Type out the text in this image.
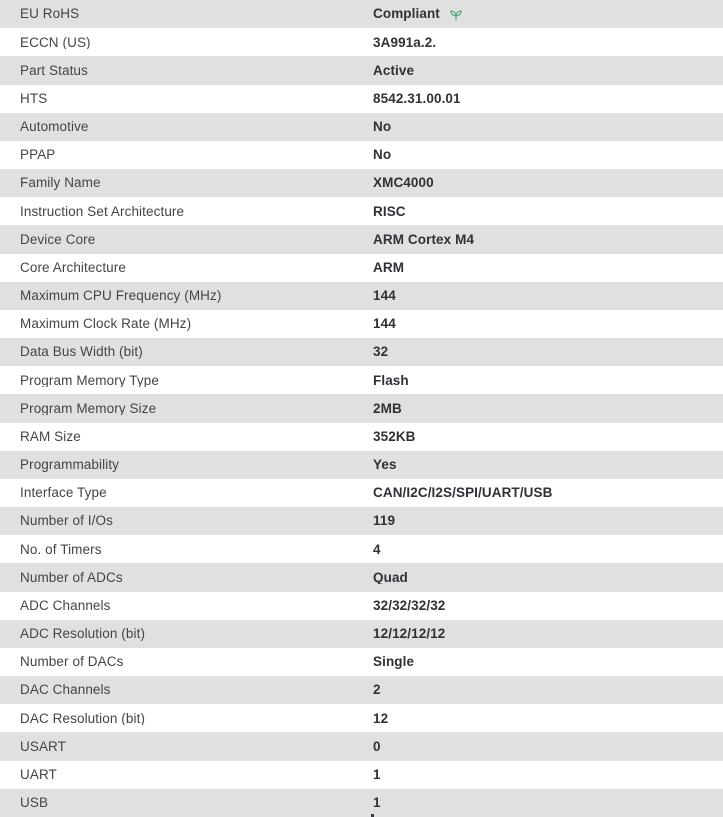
EU RoHS	Compliant
ECCN (US)	3A991a.2.
Part Status	Active
HTS	8542.31.00.01
Automotive	No
PPAP	No
Family Name	XMC4000
Instruction Set Architecture	RISC
Device Core	ARM Cortex M4
Core Architecture	ARM
Maximum CPU Frequency (MHz)	144
Maximum Clock Rate (MHz)	144
Data Bus Width (bit)	32
Program Memory Type	Flash
Program Memory Size	2MB
RAM Size	352KB
Programmability	Yes
Interface Type	CAN/I2C/I2S/SPI/UART/USB
Number of I/Os	119
No. of Timers	4
Number of ADCs	Quad
ADC Channels	32/32/32/32
ADC Resolution (bit)	12/12/12/12
Number of DACs	Single
DAC Channels	2
DAC Resolution (bit)	12
USART	0
UART	1
USB	1
